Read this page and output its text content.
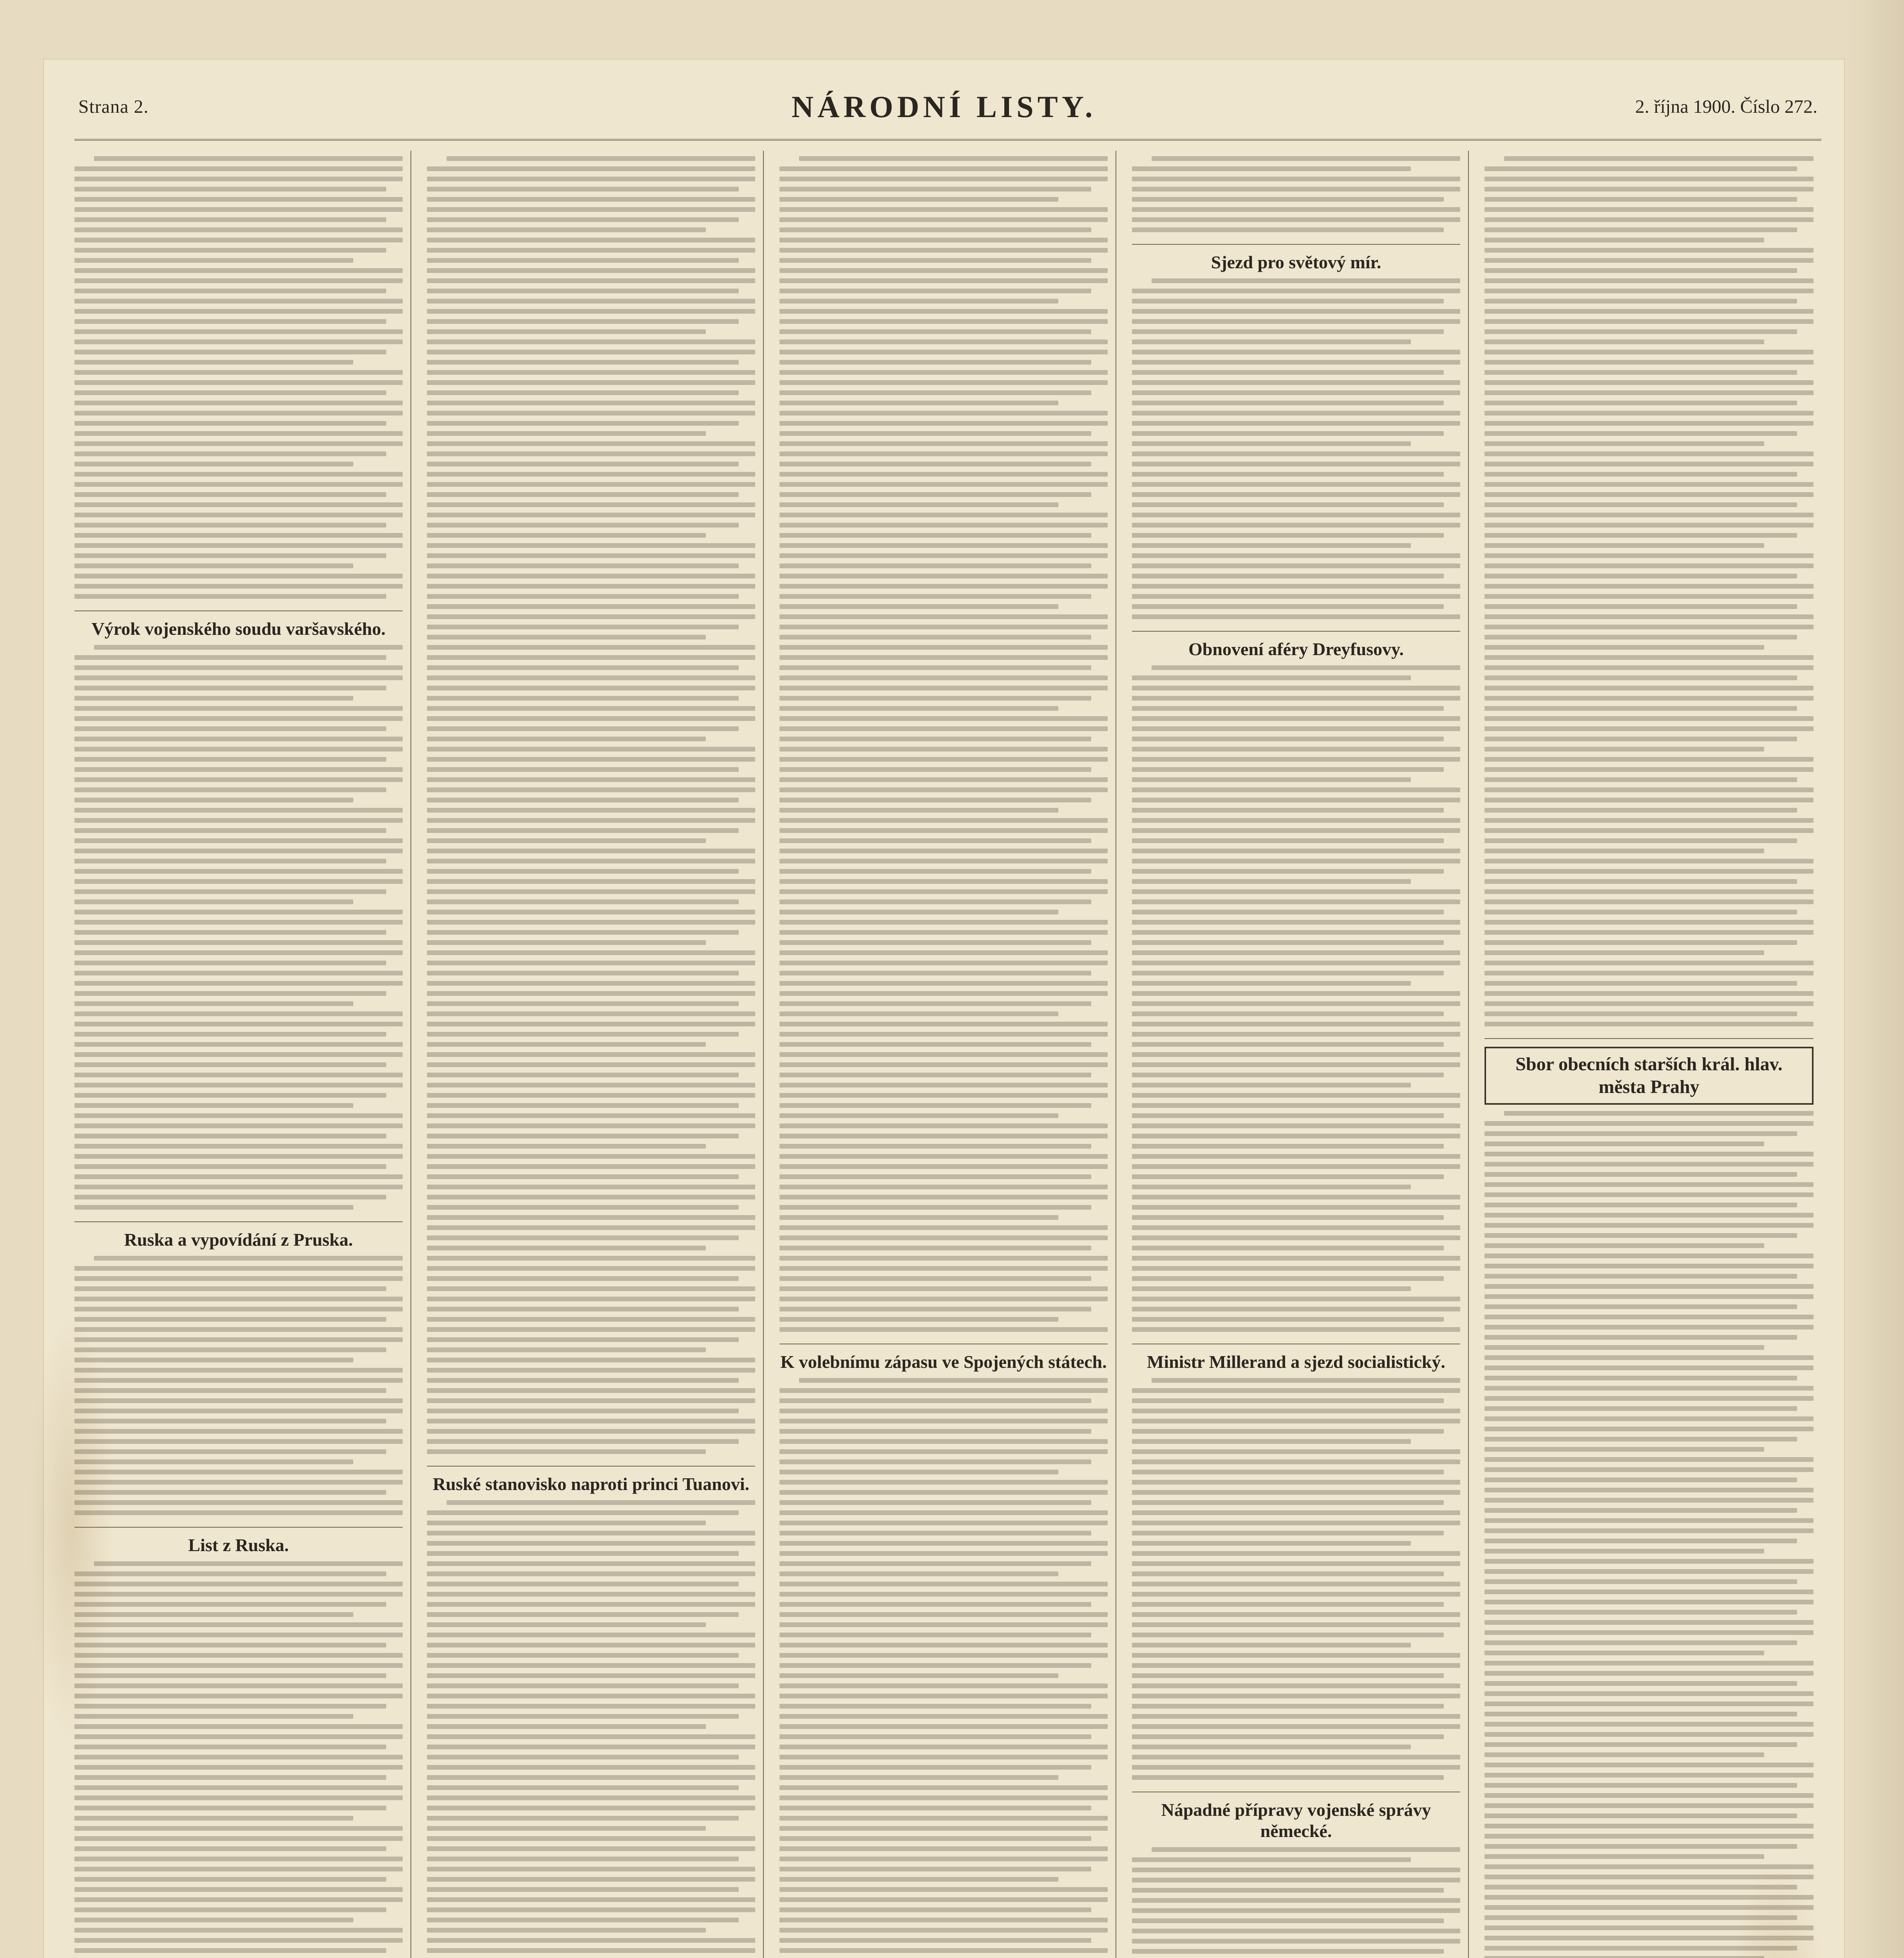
Strana 2.	NÁRODNÍ LISTY.	2. října 1900. Číslo 272.
Výrok vojenského soudu varšavského.
Ruska a vypovídání z Pruska.
List z Ruska.
Ruské stanovisko naproti princi Tuanovi.
K volebnímu zápasu ve Spojených státech.
Sjezd pro světový mír.
Obnovení aféry Dreyfusovy.
Ministr Millerand a sjezd socialistický.
Nápadné přípravy vojenské správy německé.
Sbor obecních starších král. hlav. města Prahy
